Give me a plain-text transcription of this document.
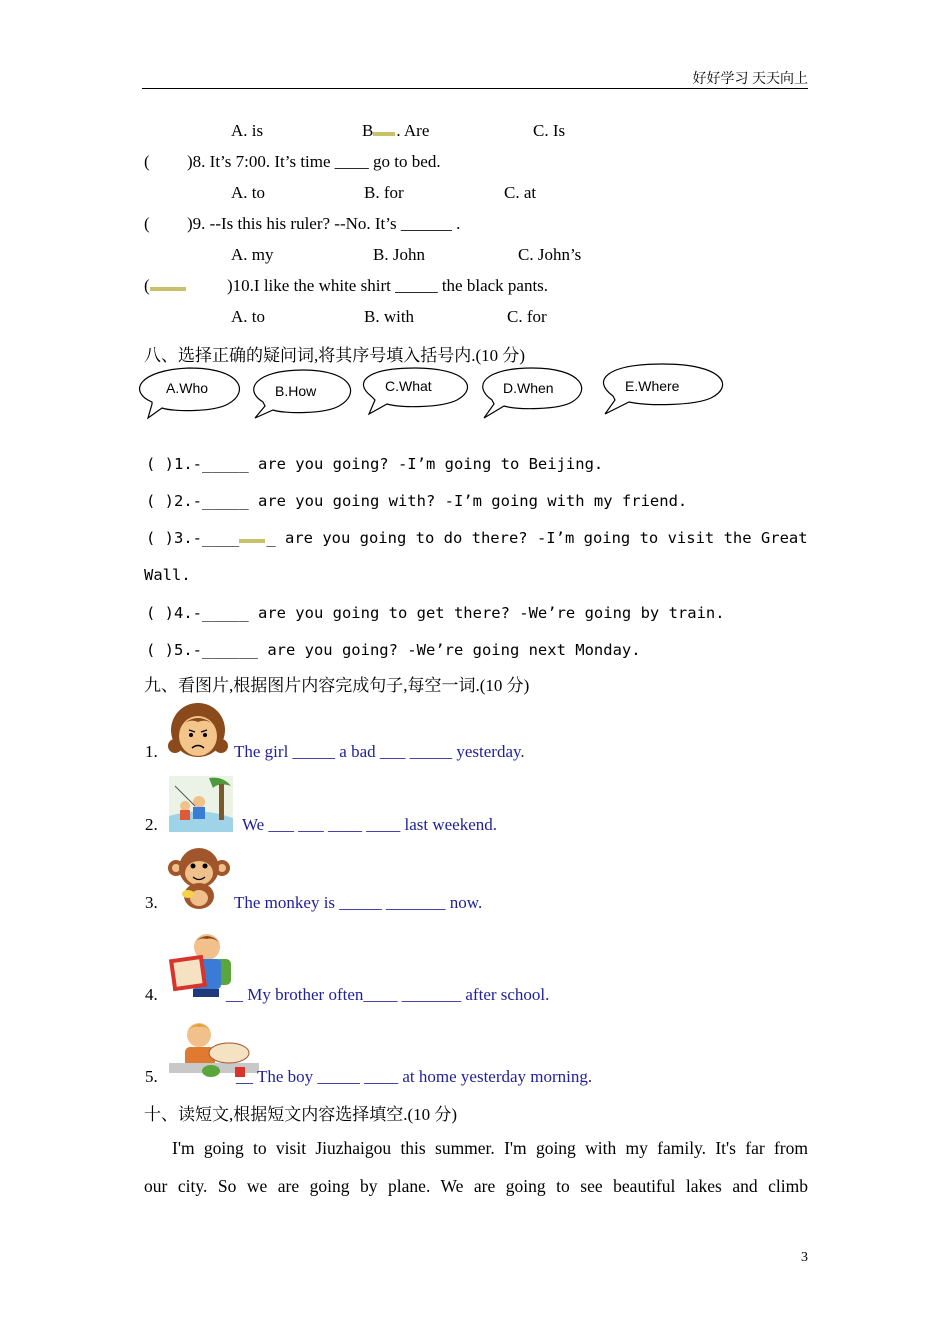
好好学习 天天向上
A. is	B . Are	C. Is
( )8. It’s 7:00. It’s time ____ go to bed.
A. to	B. for	C. at
( )9. --Is this his ruler? --No. It’s ______ .
A. my	B. John	C. John’s
(	)10.I like the white shirt _____ the black pants.
A. to	B. with	C. for
八、选择正确的疑问词,将其序号填入括号内.(10 分)
A.Who	B.How	C.What	D.When	E.Where
( )1.-_____ are you going? -I’m going to Beijing.
( )2.-_____ are you going with? -I’m going with my friend.
( )3.-____ _ are you going to do there? -I’m going to visit the Great
Wall.
( )4.-_____ are you going to get there? -We’re going by train.
( )5.-______ are you going? -We’re going next Monday.
九、看图片,根据图片内容完成句子,每空一词.(10 分)
1.	The girl _____ a bad ___ _____ yesterday.
2.	We ___ ___ ____ ____ last weekend.
3.	The monkey is _____ _______ now.
4.	__ My brother often____ _______ after school.
5.	__ The boy _____ ____ at home yesterday morning.
十、读短文,根据短文内容选择填空.(10 分)
I'm going to visit Jiuzhaigou this summer. I'm going with my family. It's far from
our city. So we are going by plane. We are going to see beautiful lakes and climb
3
